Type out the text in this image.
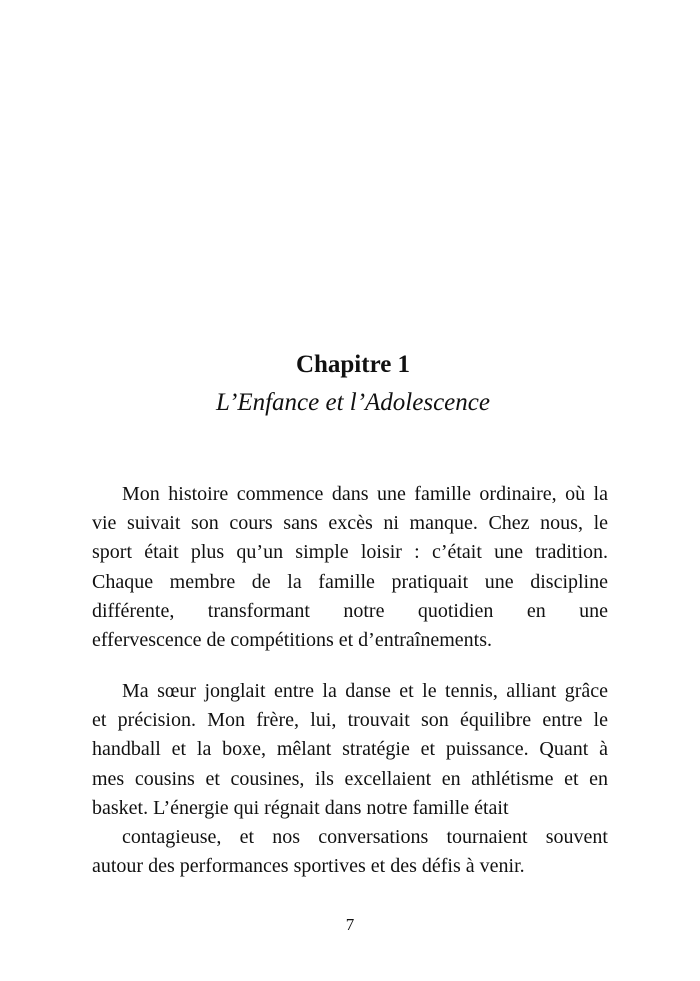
Chapitre 1
L’Enfance et l’Adolescence
Mon histoire commence dans une famille ordinaire, où la
vie suivait son cours sans excès ni manque. Chez nous, le
sport était plus qu’un simple loisir : c’était une tradition.
Chaque membre de la famille pratiquait une discipline
différente, transformant notre quotidien en une
effervescence de compétitions et d’entraînements.
Ma sœur jonglait entre la danse et le tennis, alliant grâce
et précision. Mon frère, lui, trouvait son équilibre entre le
handball et la boxe, mêlant stratégie et puissance. Quant à
mes cousins et cousines, ils excellaient en athlétisme et en
basket. L’énergie qui régnait dans notre famille était
contagieuse, et nos conversations tournaient souvent
autour des performances sportives et des défis à venir.
7
